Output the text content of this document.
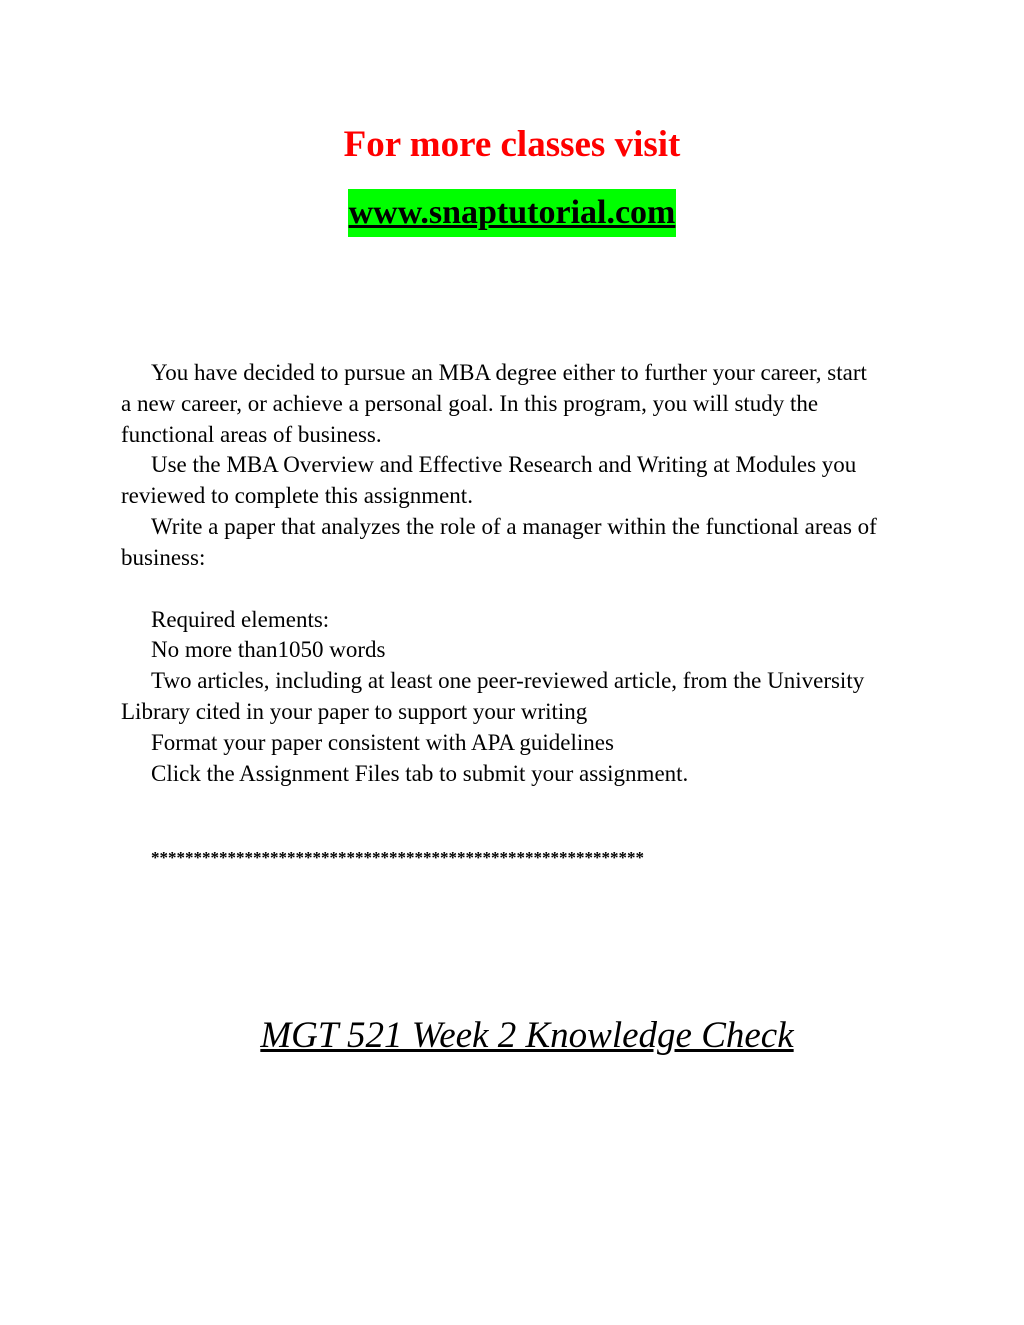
For more classes visit
www.snaptutorial.com

You have decided to pursue an MBA degree either to further your career, start a new career, or achieve a personal goal. In this program, you will study the functional areas of business.

Use the MBA Overview and Effective Research and Writing at Modules you reviewed to complete this assignment.

Write a paper that analyzes the role of a manager within the functional areas of business:

Required elements:

No more than1050 words

Two articles, including at least one peer-reviewed article, from the University Library cited in your paper to support your writing

Format your paper consistent with APA guidelines

Click the Assignment Files tab to submit your assignment.

**********************************************************
MGT 521 Week 2 Knowledge Check
